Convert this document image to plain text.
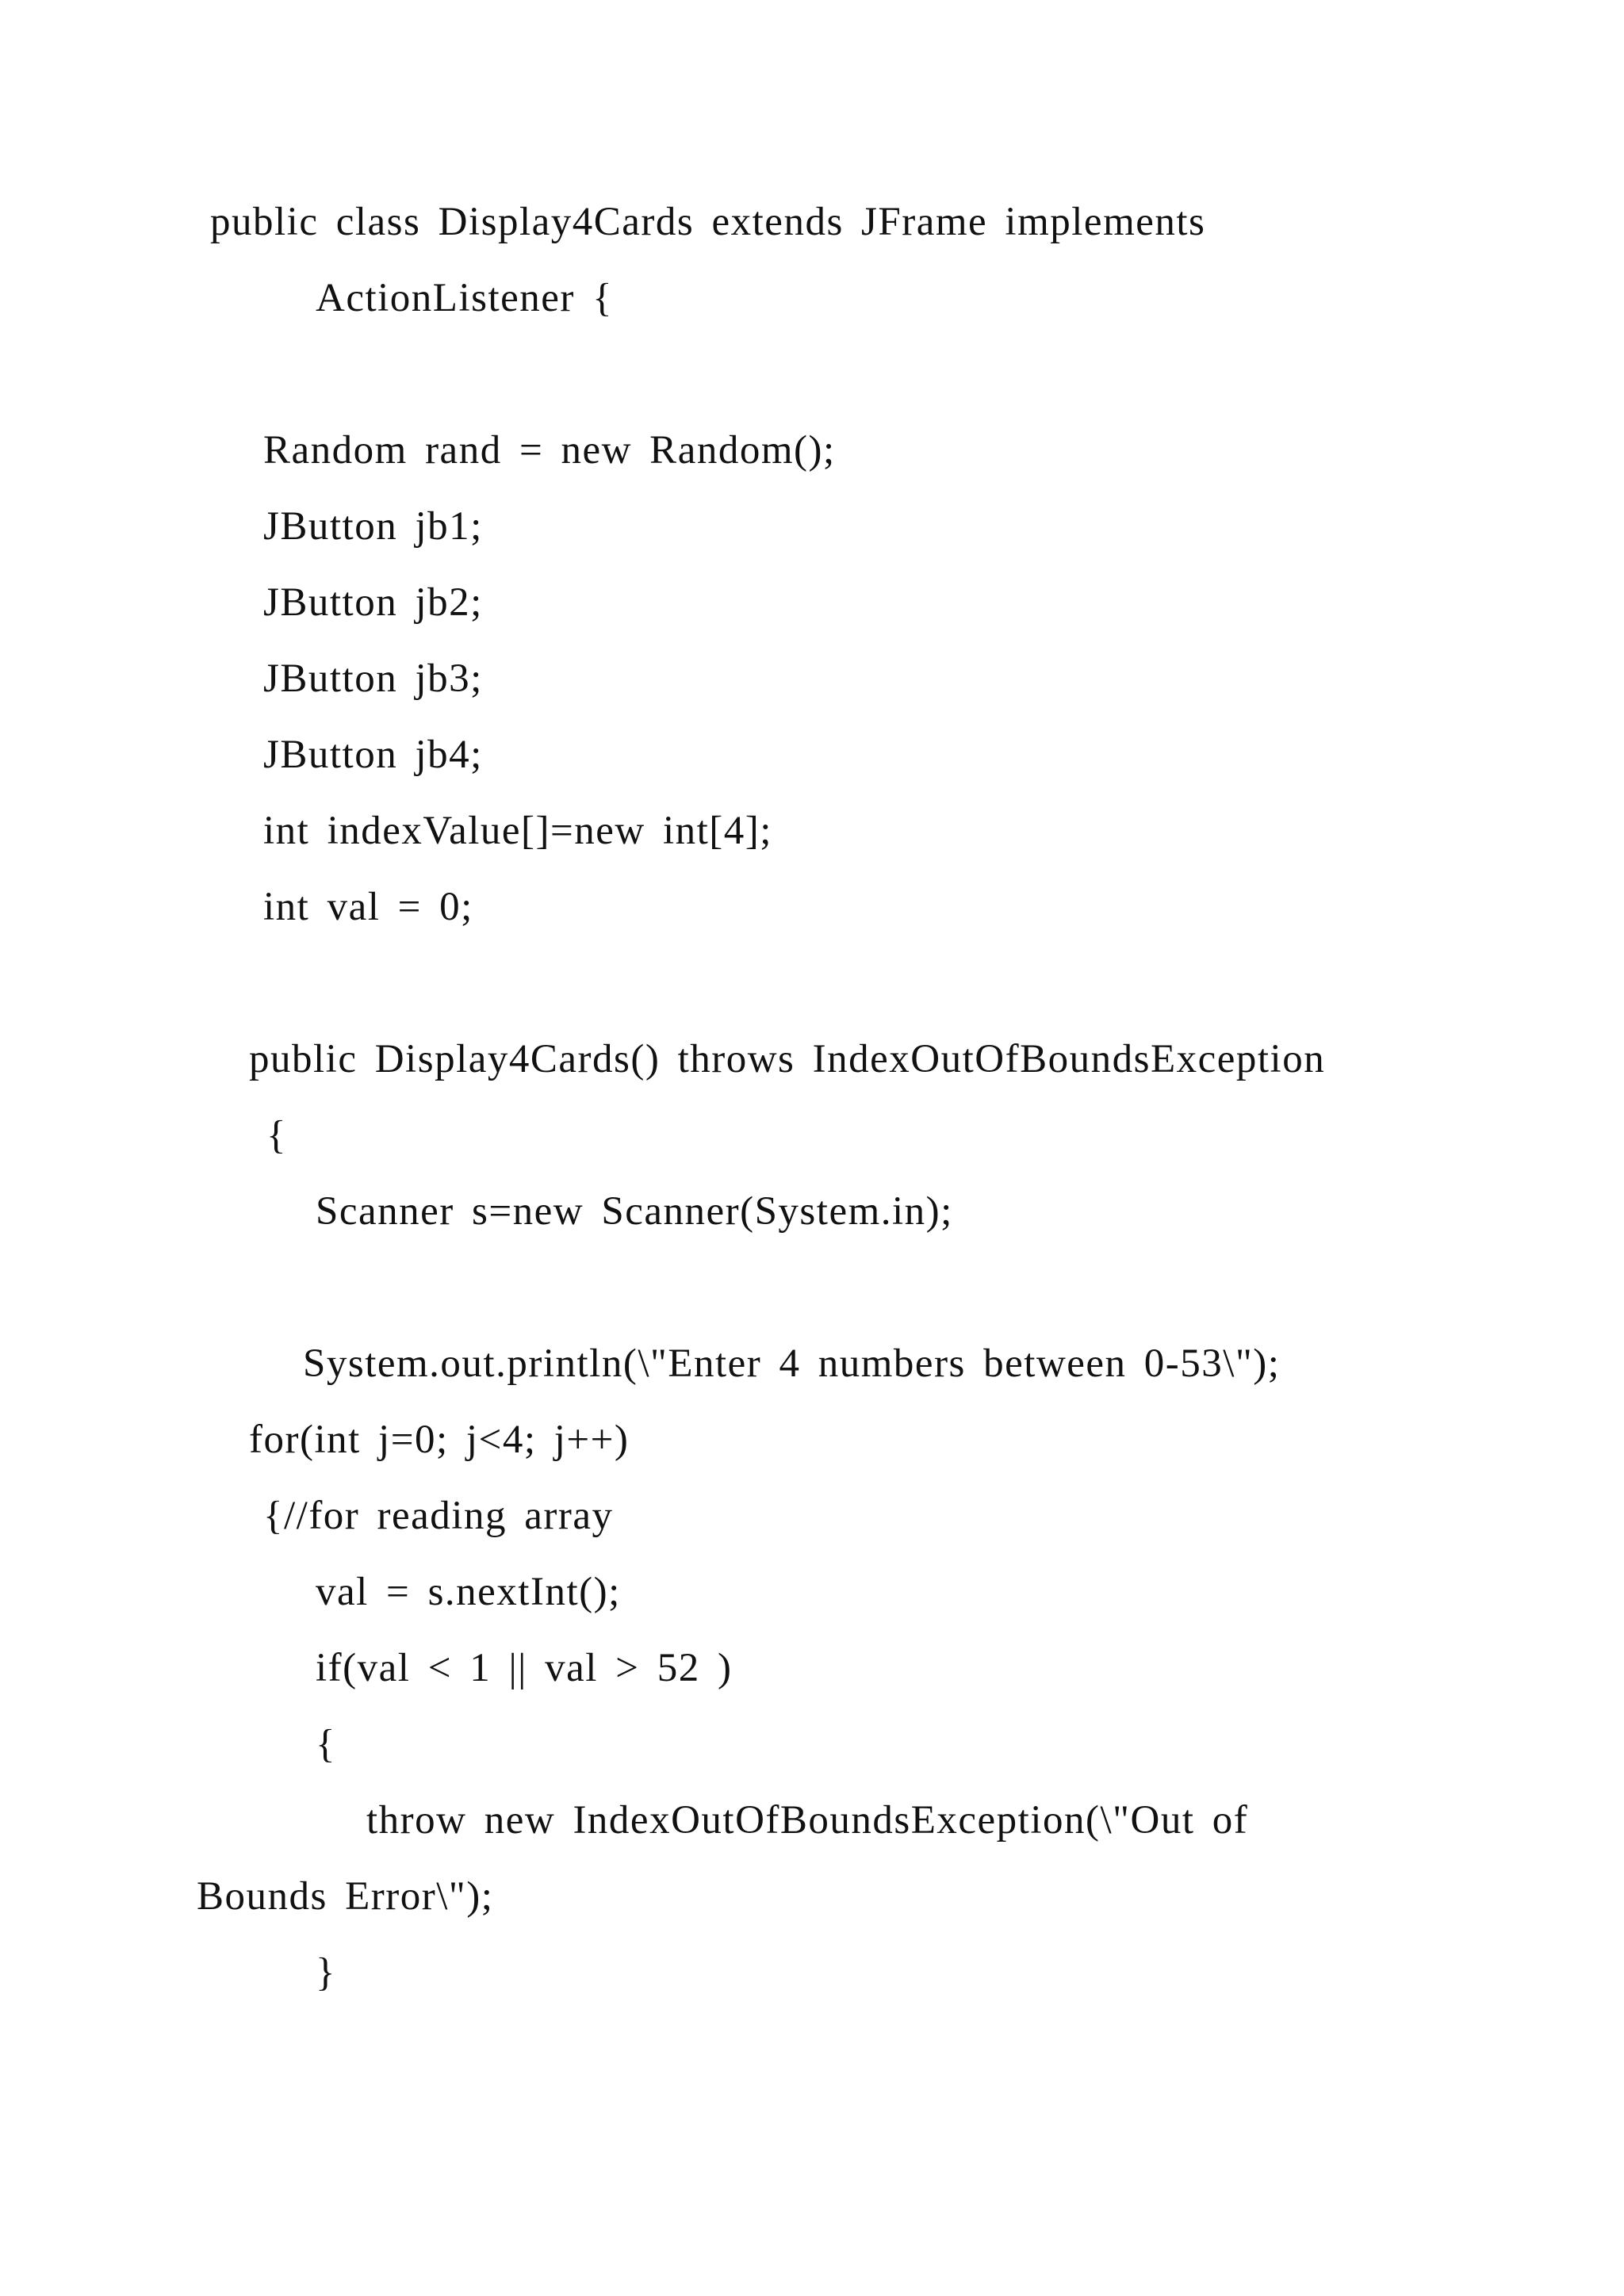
public class Display4Cards extends JFrame implements
ActionListener {
Random rand = new Random();
JButton jb1;
JButton jb2;
JButton jb3;
JButton jb4;
int indexValue[]=new int[4];
int val = 0;
public Display4Cards() throws IndexOutOfBoundsException
{
Scanner s=new Scanner(System.in);
System.out.println(\"Enter 4 numbers between 0-53\");
for(int j=0; j<4; j++)
{//for reading array
val = s.nextInt();
if(val < 1 || val > 52 )
{
throw new IndexOutOfBoundsException(\"Out of
Bounds Error\");
}
